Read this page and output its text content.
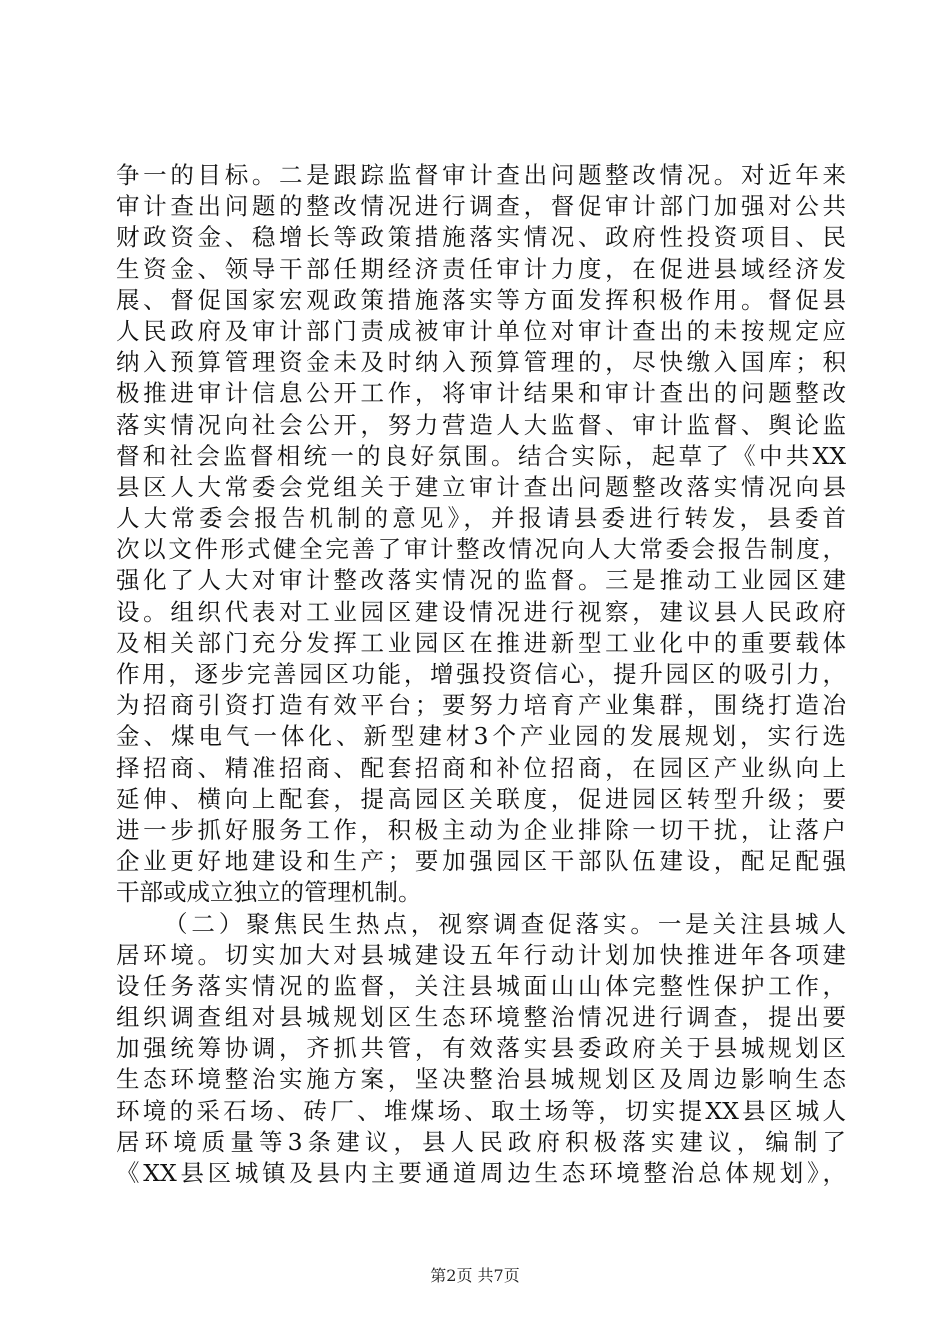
争一的目标。二是跟踪监督审计查出问题整改情况。对近年来
审计查出问题的整改情况进行调查，督促审计部门加强对公共
财政资金、稳增长等政策措施落实情况、政府性投资项目、民
生资金、领导干部任期经济责任审计力度，在促进县域经济发
展、督促国家宏观政策措施落实等方面发挥积极作用。督促县
人民政府及审计部门责成被审计单位对审计查出的未按规定应
纳入预算管理资金未及时纳入预算管理的，尽快缴入国库；积
极推进审计信息公开工作，将审计结果和审计查出的问题整改
落实情况向社会公开，努力营造人大监督、审计监督、舆论监
督和社会监督相统一的良好氛围。结合实际，起草了《中共XX
县区人大常委会党组关于建立审计查出问题整改落实情况向县
人大常委会报告机制的意见》，并报请县委进行转发，县委首
次以文件形式健全完善了审计整改情况向人大常委会报告制度，
强化了人大对审计整改落实情况的监督。三是推动工业园区建
设。组织代表对工业园区建设情况进行视察，建议县人民政府
及相关部门充分发挥工业园区在推进新型工业化中的重要载体
作用，逐步完善园区功能，增强投资信心，提升园区的吸引力，
为招商引资打造有效平台；要努力培育产业集群，围绕打造冶
金、煤电气一体化、新型建材3个产业园的发展规划，实行选
择招商、精准招商、配套招商和补位招商，在园区产业纵向上
延伸、横向上配套，提高园区关联度，促进园区转型升级；要
进一步抓好服务工作，积极主动为企业排除一切干扰，让落户
企业更好地建设和生产；要加强园区干部队伍建设，配足配强
干部或成立独立的管理机制。
（二）聚焦民生热点，视察调查促落实。一是关注县城人
居环境。切实加大对县城建设五年行动计划加快推进年各项建
设任务落实情况的监督，关注县城面山山体完整性保护工作，
组织调查组对县城规划区生态环境整治情况进行调查，提出要
加强统筹协调，齐抓共管，有效落实县委政府关于县城规划区
生态环境整治实施方案，坚决整治县城规划区及周边影响生态
环境的采石场、砖厂、堆煤场、取土场等，切实提XX县区城人
居环境质量等3条建议，县人民政府积极落实建议，编制了
《XX县区城镇及县内主要通道周边生态环境整治总体规划》，
第2页 共7页
